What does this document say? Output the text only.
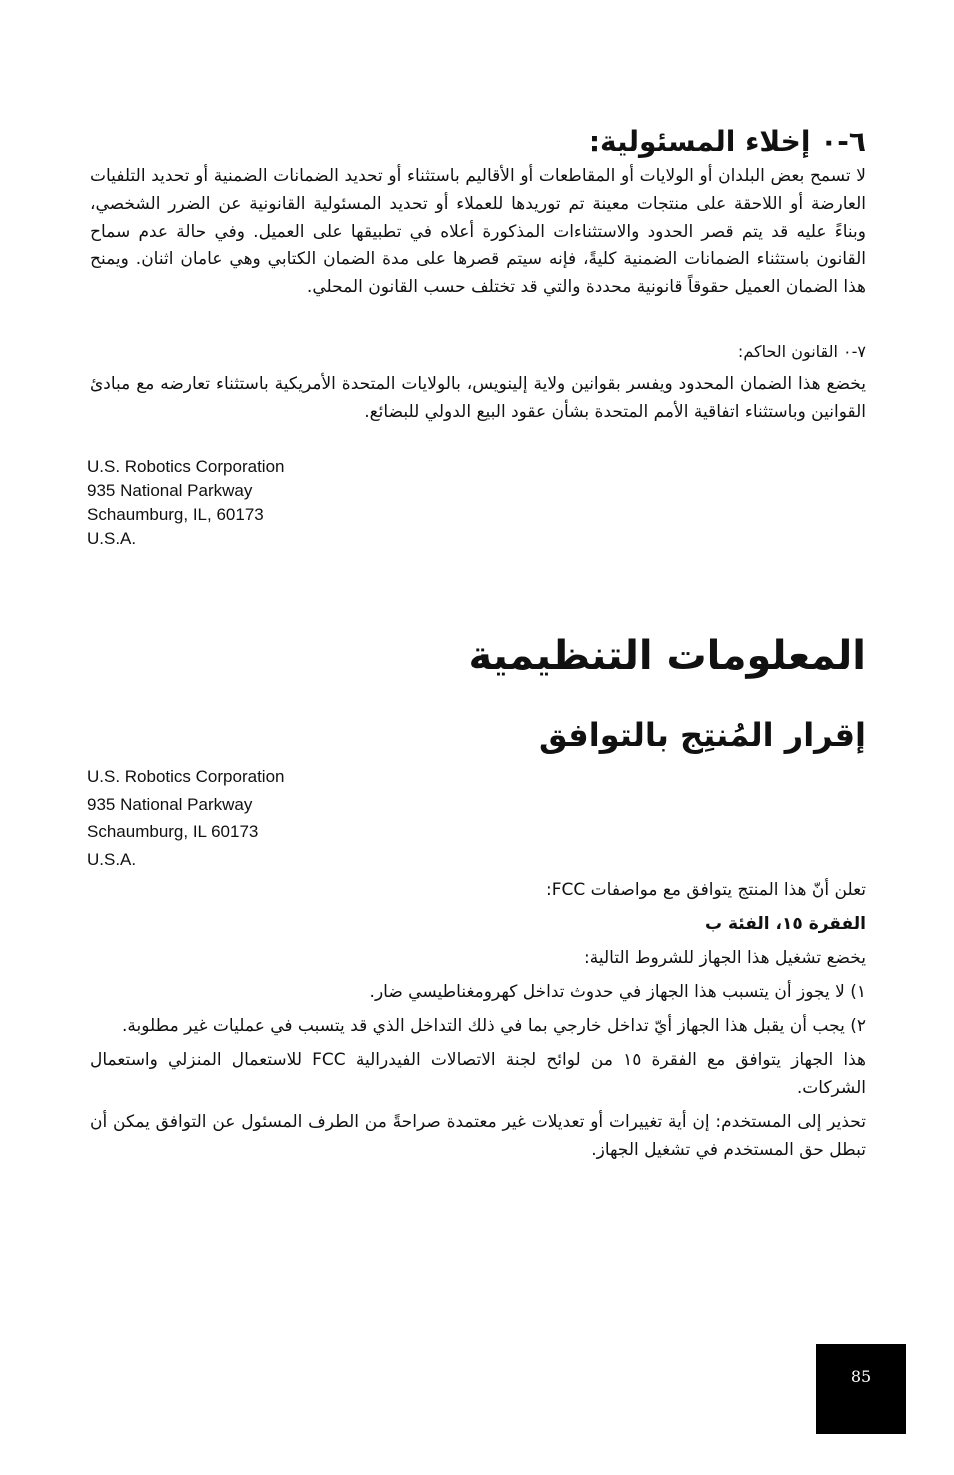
٦-٠ إخلاء المسئولية:

لا تسمح بعض البلدان أو الولايات أو المقاطعات أو الأقاليم باستثناء أو تحديد الضمانات الضمنية أو تحديد التلفيات العارضة أو اللاحقة على منتجات معينة تم توريدها للعملاء أو تحديد المسئولية القانونية عن الضرر الشخصي، وبناءً عليه قد يتم قصر الحدود والاستثناءات المذكورة أعلاه في تطبيقها على العميل. وفي حالة عدم سماح القانون باستثناء الضمانات الضمنية كليةً، فإنه سيتم قصرها على مدة الضمان الكتابي وهي عامان اثنان. ويمنح هذا الضمان العميل حقوقاً قانونية محددة والتي قد تختلف حسب القانون المحلي.

٧-٠ القانون الحاكم:

يخضع هذا الضمان المحدود ويفسر بقوانين ولاية إلينويس، بالولايات المتحدة الأمريكية باستثناء تعارضه مع مبادئ القوانين وباستثناء اتفاقية الأمم المتحدة بشأن عقود البيع الدولي للبضائع.

U.S. Robotics Corporation
935 National Parkway
Schaumburg, IL, 60173
U.S.A.
المعلومات التنظيمية
إقرار المُنتِج بالتوافق
U.S. Robotics Corporation
935 National Parkway
Schaumburg, IL 60173
U.S.A.

تعلن أنّ هذا المنتج يتوافق مع مواصفات FCC:

الفقرة ١٥، الفئة ب

يخضع تشغيل هذا الجهاز للشروط التالية:

١) لا يجوز أن يتسبب هذا الجهاز في حدوث تداخل كهرومغناطيسي ضار.

٢) يجب أن يقبل هذا الجهاز أيّ تداخل خارجي بما في ذلك التداخل الذي قد يتسبب في عمليات غير مطلوبة.

هذا الجهاز يتوافق مع الفقرة ١٥ من لوائح لجنة الاتصالات الفيدرالية FCC للاستعمال المنزلي واستعمال الشركات.

تحذير إلى المستخدم: إن أية تغييرات أو تعديلات غير معتمدة صراحةً من الطرف المسئول عن التوافق يمكن أن تبطل حق المستخدم في تشغيل الجهاز.

85
